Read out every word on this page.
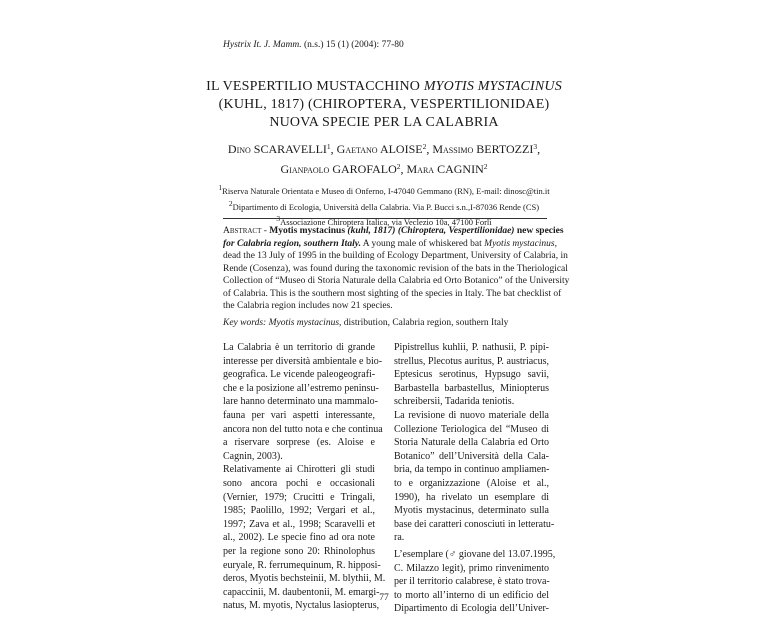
Hystrix It. J. Mamm. (n.s.) 15 (1) (2004): 77-80
IL VESPERTILIO MUSTACCHINO MYOTIS MYSTACINUS
(KUHL, 1817) (CHIROPTERA, VESPERTILIONIDAE)
NUOVA SPECIE PER LA CALABRIA
Dino SCARAVELLI$^1$, Gaetano ALOISE$^2$, Massimo BERTOZZI$^3$,
Gianpaolo GAROFALO$^2$, Mara CAGNIN$^2$
1Riserva Naturale Orientata e Museo di Onferno, I-47040 Gemmano (RN), E-mail: dinosc@tin.it
2Dipartimento di Ecologia, Università della Calabria. Via P. Bucci s.n.,I-87036 Rende (CS)
3Associazione Chiroptera Italica, via Veclezio 10a, 47100 Forlì
Abstract - Myotis mystacinus (kuhl, 1817) (Chiroptera, Vespertilionidae) new species
for Calabria region, southern Italy. A young male of whiskered bat Myotis mystacinus,
dead the 13 July of 1995 in the building of Ecology Department, University of Calabria, in
Rende (Cosenza), was found during the taxonomic revision of the bats in the Theriological
Collection of “Museo di Storia Naturale della Calabria ed Orto Botanico” of the University
of Calabria. This is the southern most sighting of the species in Italy. The bat checklist of
the Calabria region includes now 21 species.
Key words: Myotis mystacinus, distribution, Calabria region, southern Italy
La Calabria è un territorio di grande
interesse per diversità ambientale e bio-
geografica. Le vicende paleogeografi-
che e la posizione all’estremo peninsu-
lare hanno determinato una mammalo-
fauna per vari aspetti interessante,
ancora non del tutto nota e che continua
a riservare sorprese (es. Aloise e
Cagnin, 2003).
Relativamente ai Chirotteri gli studi
sono ancora pochi e occasionali
(Vernier, 1979; Crucitti e Tringali,
1985; Paolillo, 1992; Vergari et al.,
1997; Zava et al., 1998; Scaravelli et
al., 2002). Le specie fino ad ora note
per la regione sono 20: Rhinolophus
euryale, R. ferrumequinum, R. hipposi-
deros, Myotis bechsteinii, M. blythii, M.
capaccinii, M. daubentonii, M. emargi-
natus, M. myotis, Nyctalus lasiopterus,
Pipistrellus kuhlii, P. nathusii, P. pipi-
strellus, Plecotus auritus, P. austriacus,
Eptesicus serotinus, Hypsugo savii,
Barbastella barbastellus, Miniopterus
schreibersii, Tadarida teniotis.
La revisione di nuovo materiale della
Collezione Teriologica del “Museo di
Storia Naturale della Calabria ed Orto
Botanico” dell’Università della Cala-
bria, da tempo in continuo ampliamen-
to e organizzazione (Aloise et al.,
1990), ha rivelato un esemplare di
Myotis mystacinus, determinato sulla
base dei caratteri conosciuti in letteratu-
ra.
L’esemplare (♂ giovane del 13.07.1995,
C. Milazzo legit), primo rinvenimento
per il territorio calabrese, è stato trova-
to morto all’interno di un edificio del
Dipartimento di Ecologia dell’Univer-
77
